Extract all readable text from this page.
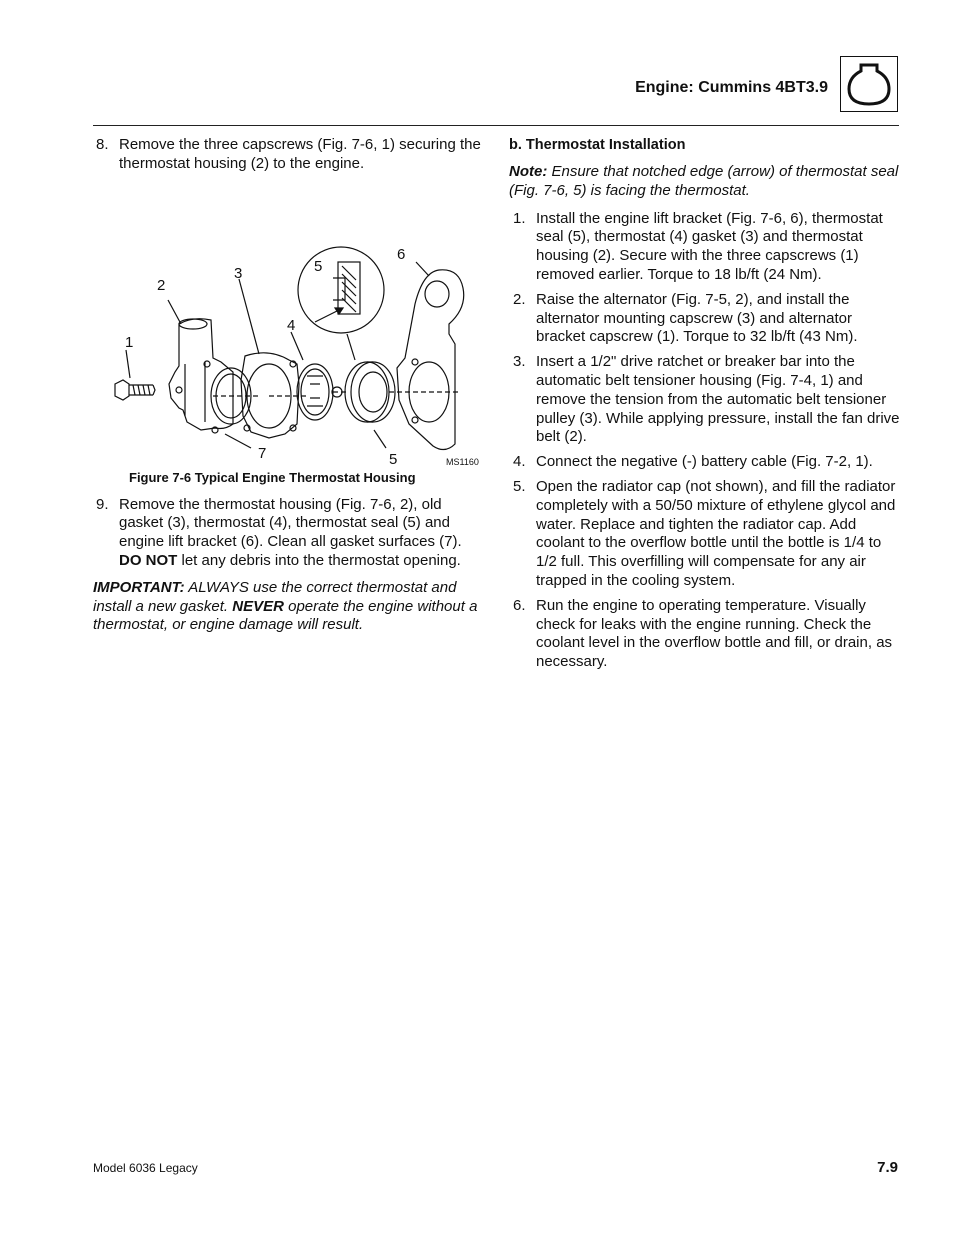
Engine: Cummins 4BT3.9
8. Remove the three capscrews (Fig. 7-6, 1) securing the thermostat housing (2) to the engine.
1
2
3
4
5
6
5
7	MS1160

Figure 7-6 Typical Engine Thermostat Housing

9. Remove the thermostat housing (Fig. 7-6, 2), old gasket (3), thermostat (4), thermostat seal (5) and engine lift bracket (6). Clean all gasket surfaces (7). DO NOT let any debris into the thermostat opening.

IMPORTANT: ALWAYS use the correct thermostat and install a new gasket. NEVER operate the engine without a thermostat, or engine damage will result.

b. Thermostat Installation

Note: Ensure that notched edge (arrow) of thermostat seal (Fig. 7-6, 5) is facing the thermostat.

1. Install the engine lift bracket (Fig. 7-6, 6), thermostat seal (5), thermostat (4) gasket (3) and thermostat housing (2). Secure with the three capscrews (1) removed earlier. Torque to 18 lb/ft (24 Nm).
2. Raise the alternator (Fig. 7-5, 2), and install the alternator mounting capscrew (3) and alternator bracket capscrew (1). Torque to 32 lb/ft (43 Nm).
3. Insert a 1/2" drive ratchet or breaker bar into the automatic belt tensioner housing (Fig. 7-4, 1) and remove the tension from the automatic belt tensioner pulley (3). While applying pressure, install the fan drive belt (2).
4. Connect the negative (-) battery cable (Fig. 7-2, 1).
5. Open the radiator cap (not shown), and fill the radiator completely with a 50/50 mixture of ethylene glycol and water. Replace and tighten the radiator cap. Add coolant to the overflow bottle until the bottle is 1/4 to 1/2 full. This overfilling will compensate for any air trapped in the cooling system.
6. Run the engine to operating temperature. Visually check for leaks with the engine running. Check the coolant level in the overflow bottle and fill, or drain, as necessary.
Model 6036 Legacy	7.9
